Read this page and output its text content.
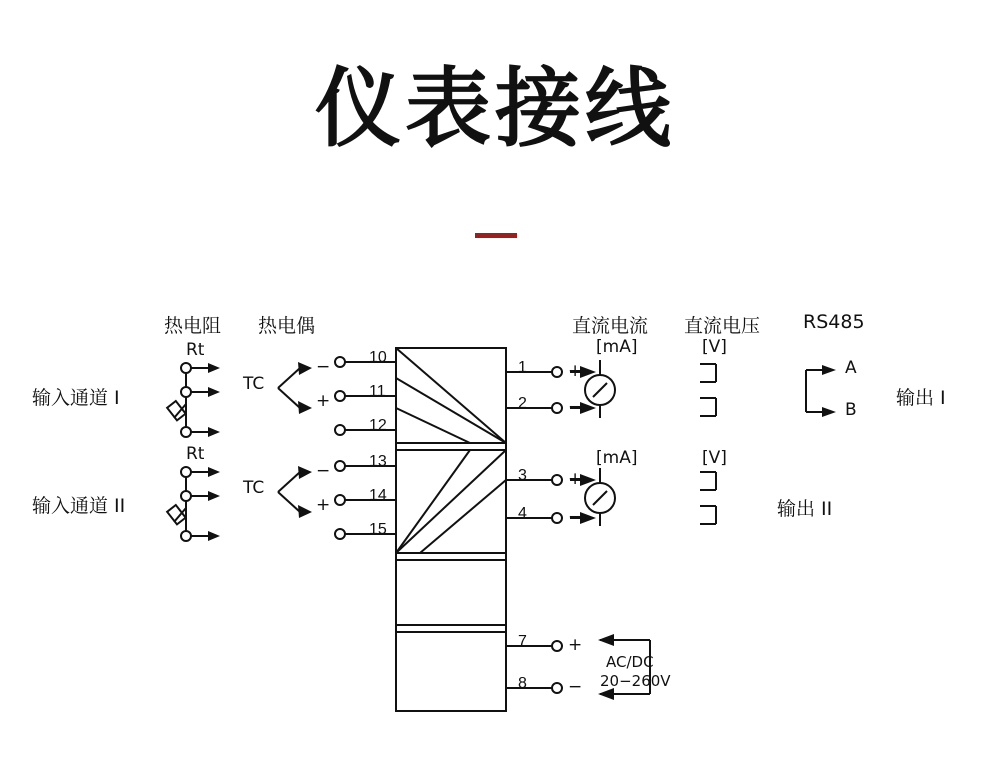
仪表接线
热电阻 热电偶	直流电流 直流电压 RS485
输入通道 I
输入通道 II
Rt
Rt
TC
TC
−
+
−
+
10
11
12
13
14
15
1
2
3
4
7
8
+
−
+
−
+
−
[mA]	[V]
[mA]	[V]
A
B
输出 I
输出 II
AC/DC
20−260V
